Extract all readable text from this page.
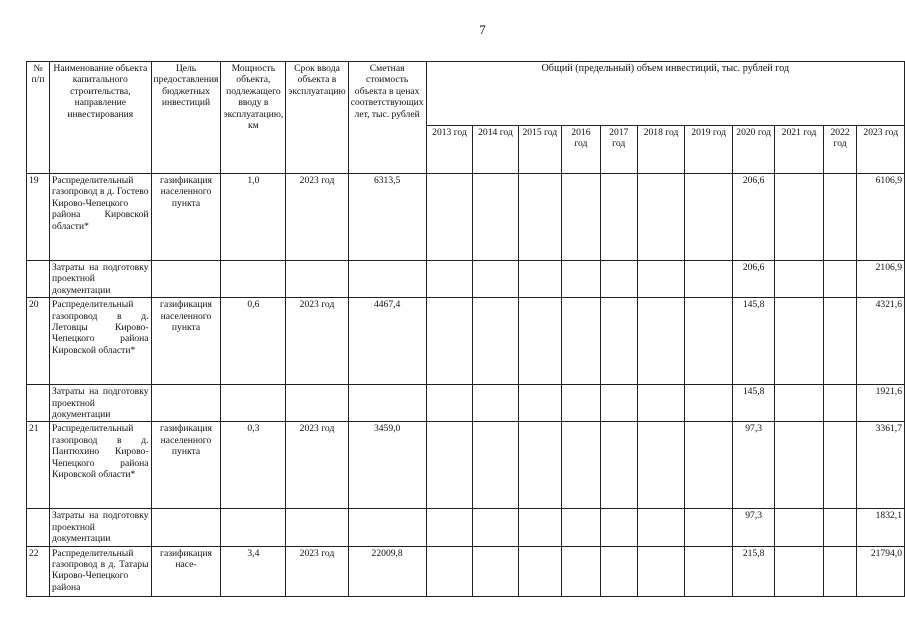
7
№ п/п	Наименование объекта капитального строительства, направление инвестирования	Цель предоставления бюджетных инвестиций	Мощность объекта, подлежащего вводу в эксплуатацию, км	Срок ввода объекта в эксплуатацию	Сметная стоимость объекта в ценах соответствующих лет, тыс. рублей	Общий (предельный) объем инвестиций, тыс. рублей год										
						2013 год	2014 год	2015 год	2016 год	2017 год	2018 год	2019 год	2020 год	2021 год	2022 год	2023 год
19	Распределительный газопровод в д. Гостево Кирово-Чепецкого района Кировской области*	газификация населенного пункта	1,0	2023 год	6313,5								206,6			6106,9
	Затраты на подготовку проектной документации												206,6			2106,9
20	Распределительный газопровод в д. Летовцы Кирово-Чепецкого района Кировской области*	газификация населенного пункта	0,6	2023 год	4467,4								145,8			4321,6
	Затраты на подготовку проектной документации												145,8			1921,6
21	Распределительный газопровод в д. Пантюхино Кирово-Чепецкого района Кировской области*	газификация населенного пункта	0,3	2023 год	3459,0								97,3			3361,7
	Затраты на подготовку проектной документации												97,3			1832,1
22	Распределительный газопровод в д. Татары Кирово-Чепецкого района	газификация насе-	3,4	2023 год	22009,8								215,8			21794,0
